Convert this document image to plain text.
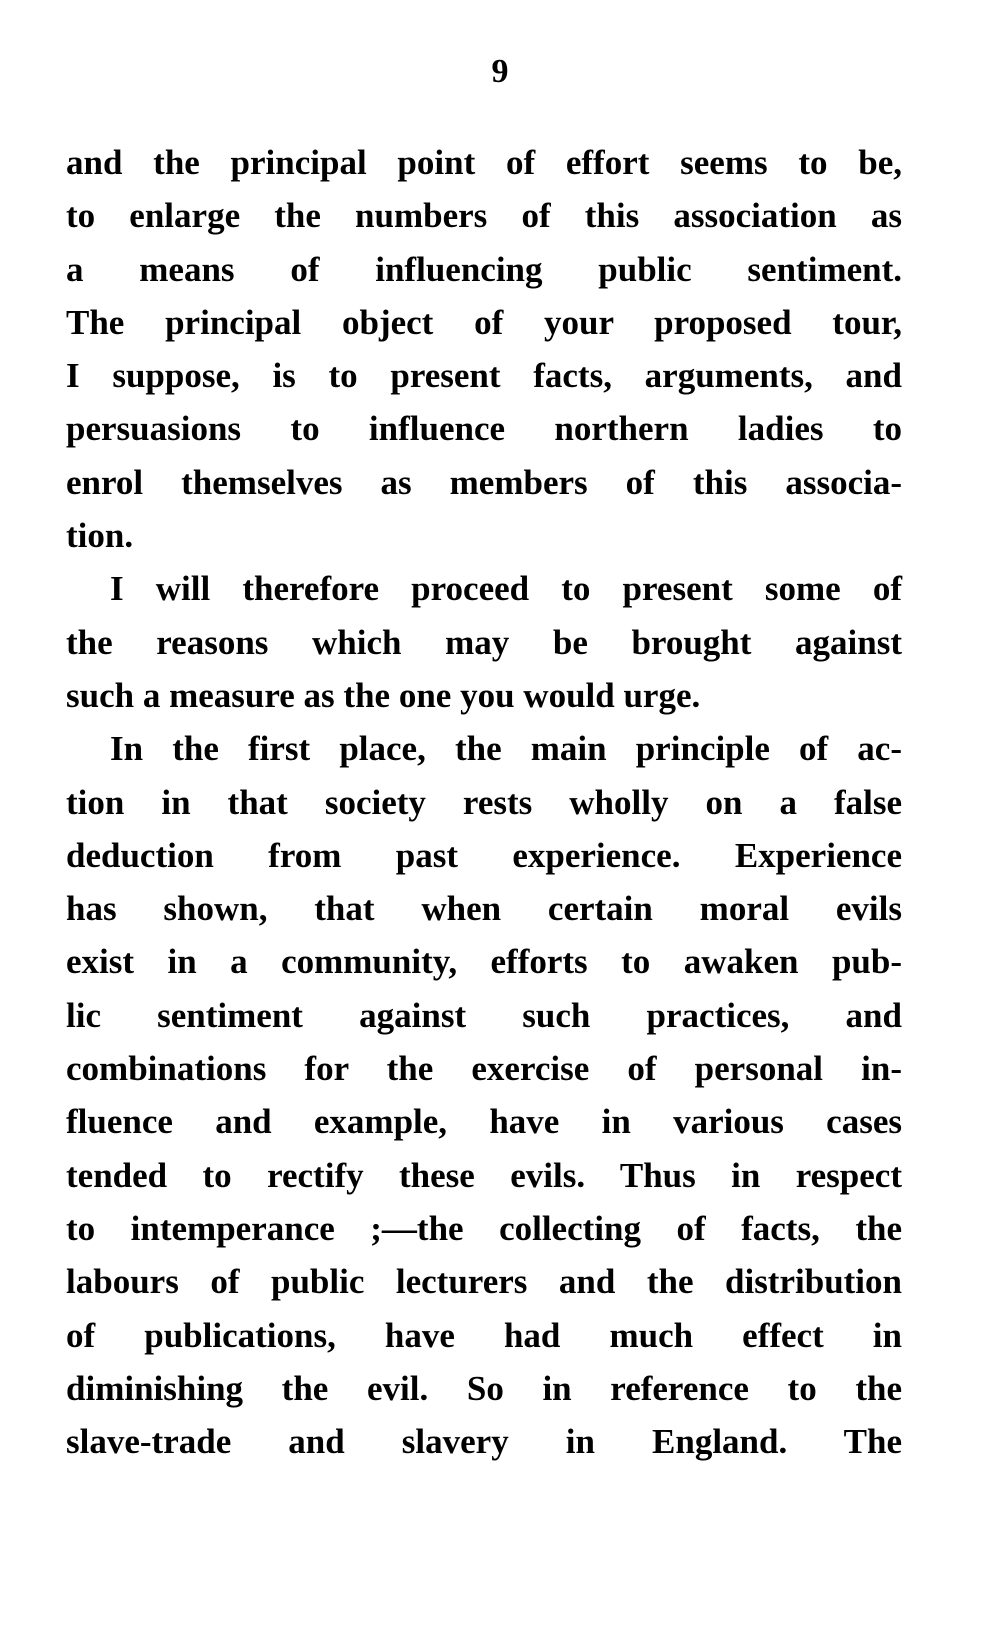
9
and the principal point of effort seems to be,
to enlarge the numbers of this association as
a means of influencing public sentiment.
The principal object of your proposed tour,
I suppose, is to present facts, arguments, and
persuasions to influence northern ladies to
enrol themselves as members of this associa-
tion.
I will therefore proceed to present some of
the reasons which may be brought against
such a measure as the one you would urge.
In the first place, the main principle of ac-
tion in that society rests wholly on a false
deduction from past experience. Experience
has shown, that when certain moral evils
exist in a community, efforts to awaken pub-
lic sentiment against such practices, and
combinations for the exercise of personal in-
fluence and example, have in various cases
tended to rectify these evils. Thus in respect
to intemperance ;—the collecting of facts, the
labours of public lecturers and the distribution
of publications, have had much effect in
diminishing the evil. So in reference to the
slave-trade and slavery in England. The
